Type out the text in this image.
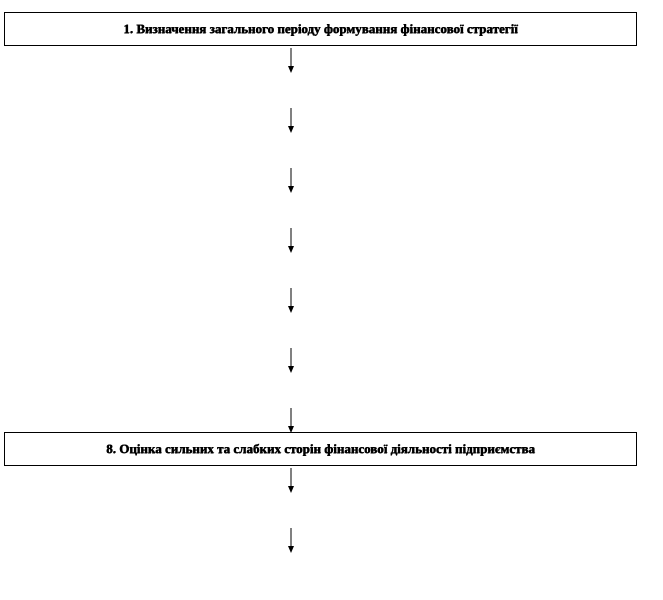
1. Визначення загального періоду формування фінансової стратегії
8. Оцінка сильних та слабких сторін фінансової діяльності підприємства
